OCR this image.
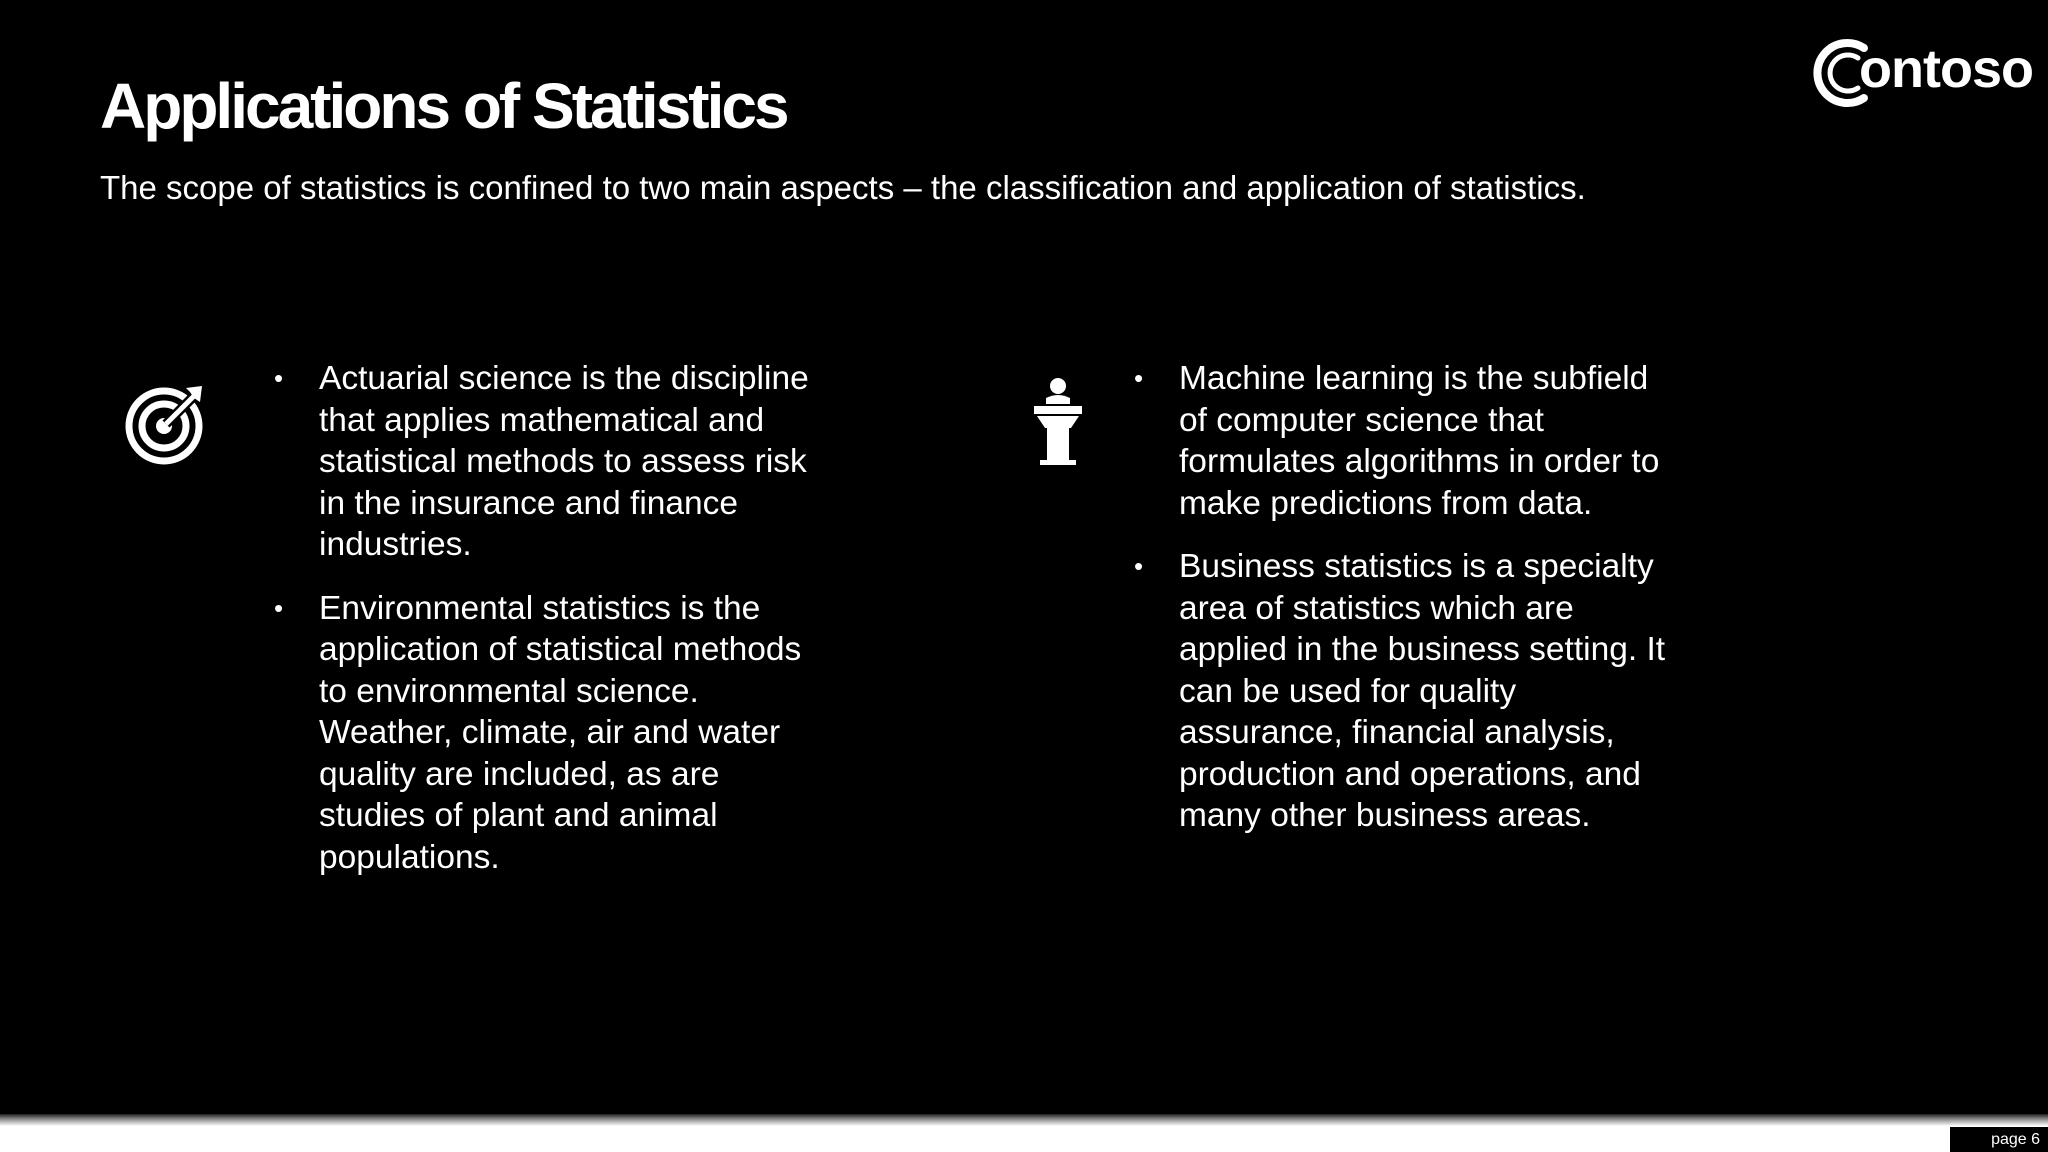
Applications of Statistics

The scope of statistics is confined to two main aspects – the classification and application of statistics.

ontoso
• Actuarial science is the discipline that applies mathematical and statistical methods to assess risk in the insurance and finance industries.
• Environmental statistics is the application of statistical methods to environmental science. Weather, climate, air and water quality are included, as are studies of plant and animal populations.
• Machine learning is the subfield of computer science that formulates algorithms in order to make predictions from data.
• Business statistics is a specialty area of statistics which are applied in the business setting. It can be used for quality assurance, financial analysis, production and operations, and many other business areas.
page 6
